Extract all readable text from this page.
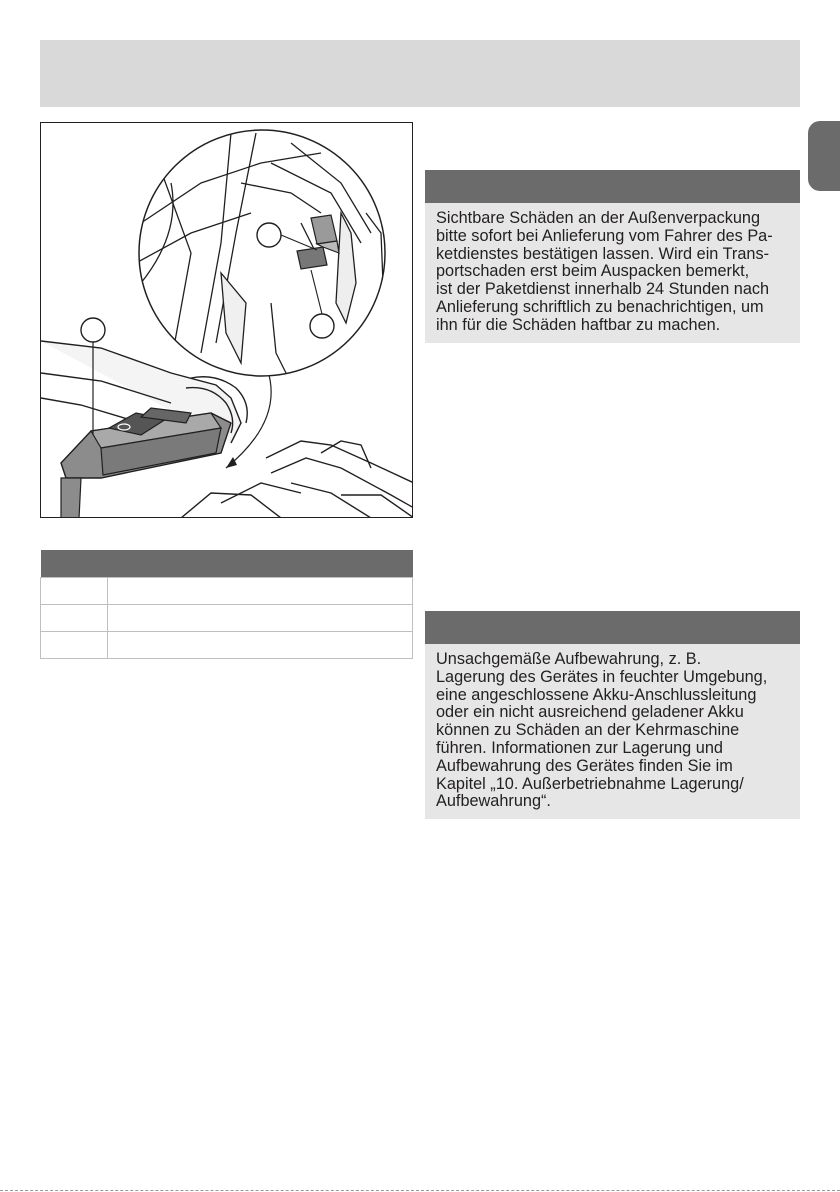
Sichtbare Schäden an der Außenverpackung
bitte sofort bei Anlieferung vom Fahrer des Pa-
ketdienstes bestätigen lassen. Wird ein Trans-
portschaden erst beim Auspacken bemerkt,
ist der Paketdienst innerhalb 24 Stunden nach
Anlieferung schriftlich zu benachrichtigen, um
ihn für die Schäden haftbar zu machen.
Unsachgemäße Aufbewahrung, z. B.
Lagerung des Gerätes in feuchter Umgebung,
eine angeschlossene Akku-Anschlussleitung
oder ein nicht ausreichend geladener Akku
können zu Schäden an der Kehrmaschine
führen. Informationen zur Lagerung und
Aufbewahrung des Gerätes finden Sie im
Kapitel „10. Außerbetriebnahme Lagerung/
Aufbewahrung“.
